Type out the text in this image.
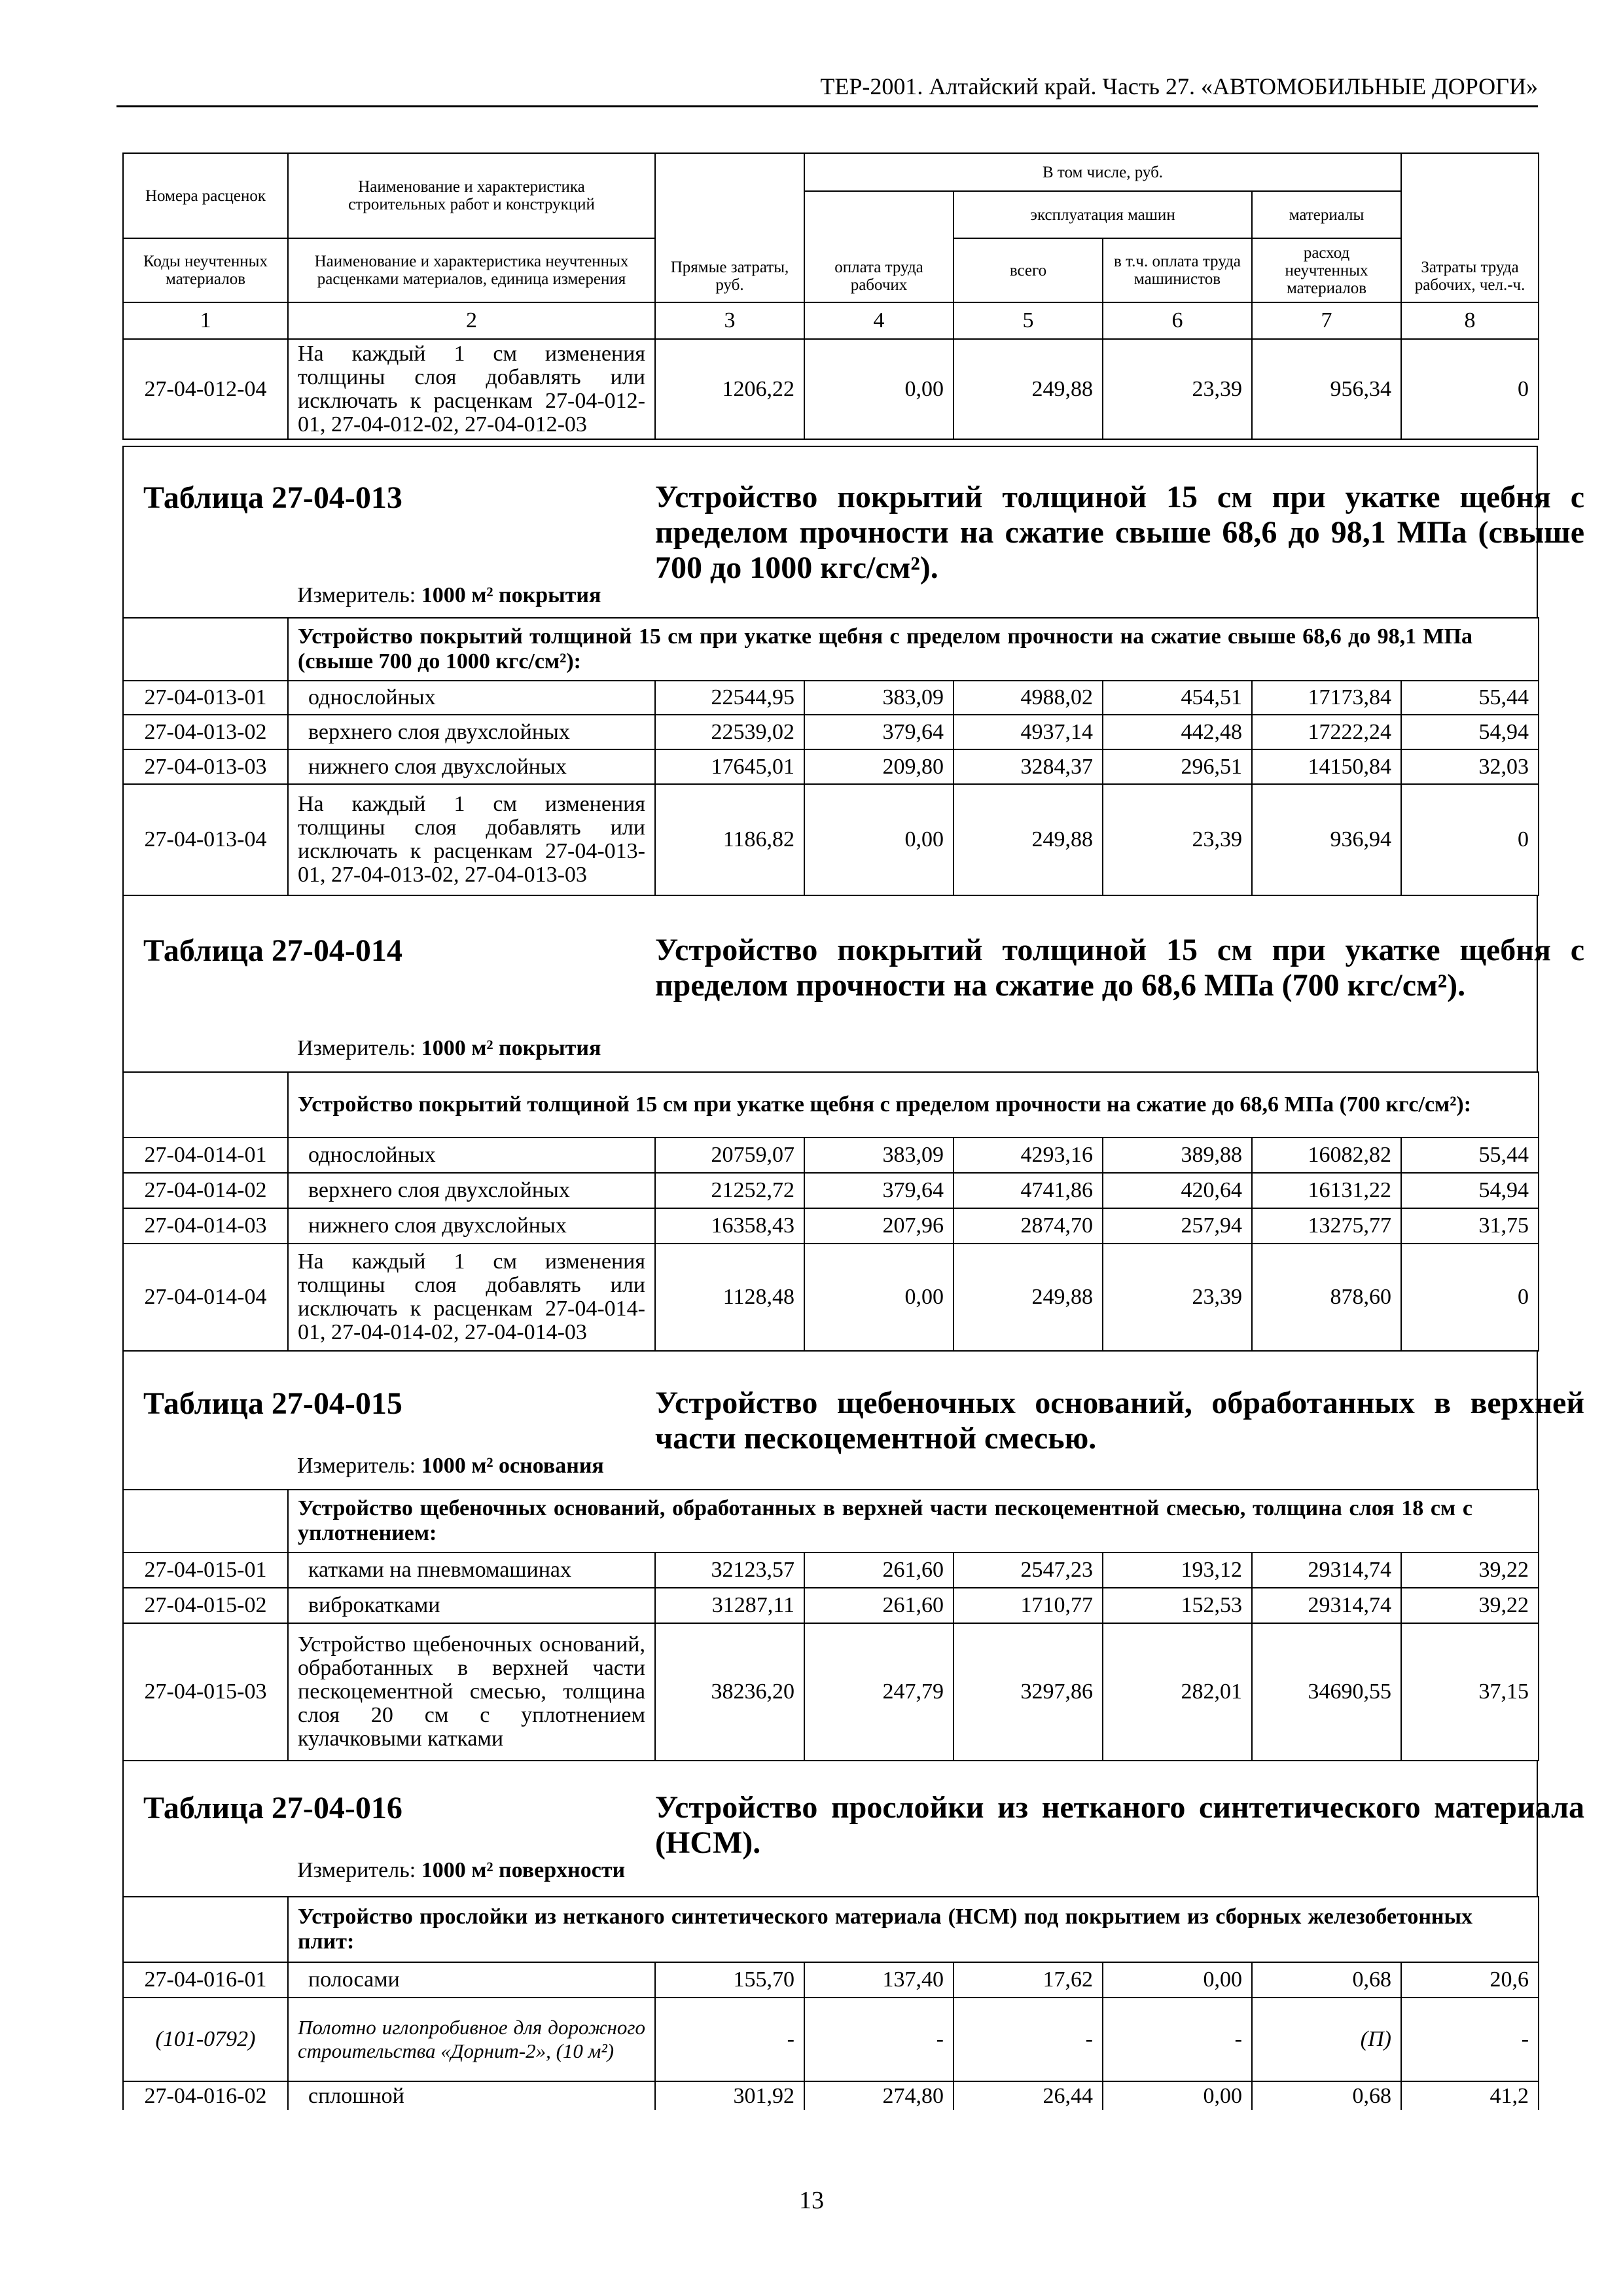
ТЕР-2001. Алтайский край. Часть 27. «АВТОМОБИЛЬНЫЕ ДОРОГИ»
Номера расценок	Наименование и характеристика строительных работ и конструкций	Прямые затраты, руб.	В том числе, руб.				Затраты труда рабочих, чел.-ч.
			оплата труда рабочих	эксплуатация машин		материалы	
Коды неучтенных материалов	Наименование и характеристика неучтенных расценками материалов, единица измерения			всего	в т.ч. оплата труда машинистов	расход неучтенных материалов	
1	2	3	4	5	6	7	8
27-04-012-04	На каждый 1 см изменения толщины слоя добавлять или исключать к расценкам 27-04-012-01, 27-04-012-02, 27-04-012-03	1206,22	0,00	249,88	23,39	956,34	0
Таблица 27-04-013	Устройство покрытий толщиной 15 см при укатке щебня с пределом прочности на сжатие свыше 68,6 до 98,1 МПа (свыше 700 до 1000 кгс/см²).
Измеритель: 1000 м² покрытия
	Устройство покрытий толщиной 15 см при укатке щебня с пределом прочности на сжатие свыше 68,6 до 98,1 МПа (свыше 700 до 1000 кгс/см²):						
27-04-013-01	однослойных	22544,95	383,09	4988,02	454,51	17173,84	55,44
27-04-013-02	верхнего слоя двухслойных	22539,02	379,64	4937,14	442,48	17222,24	54,94
27-04-013-03	нижнего слоя двухслойных	17645,01	209,80	3284,37	296,51	14150,84	32,03
27-04-013-04	На каждый 1 см изменения толщины слоя добавлять или исключать к расценкам 27-04-013-01, 27-04-013-02, 27-04-013-03	1186,82	0,00	249,88	23,39	936,94	0
Таблица 27-04-014	Устройство покрытий толщиной 15 см при укатке щебня с пределом прочности на сжатие до 68,6 МПа (700 кгс/см²).
Измеритель: 1000 м² покрытия
	Устройство покрытий толщиной 15 см при укатке щебня с пределом прочности на сжатие до 68,6 МПа (700 кгс/см²):						
27-04-014-01	однослойных	20759,07	383,09	4293,16	389,88	16082,82	55,44
27-04-014-02	верхнего слоя двухслойных	21252,72	379,64	4741,86	420,64	16131,22	54,94
27-04-014-03	нижнего слоя двухслойных	16358,43	207,96	2874,70	257,94	13275,77	31,75
27-04-014-04	На каждый 1 см изменения толщины слоя добавлять или исключать к расценкам 27-04-014-01, 27-04-014-02, 27-04-014-03	1128,48	0,00	249,88	23,39	878,60	0
Таблица 27-04-015	Устройство щебеночных оснований, обработанных в верхней части пескоцементной смесью.
Измеритель: 1000 м² основания
	Устройство щебеночных оснований, обработанных в верхней части пескоцементной смесью, толщина слоя 18 см с уплотнением:						
27-04-015-01	катками на пневмомашинах	32123,57	261,60	2547,23	193,12	29314,74	39,22
27-04-015-02	виброкатками	31287,11	261,60	1710,77	152,53	29314,74	39,22
27-04-015-03	Устройство щебеночных оснований, обработанных в верхней части пескоцементной смесью, толщина слоя 20 см с уплотнением кулачковыми катками	38236,20	247,79	3297,86	282,01	34690,55	37,15
Таблица 27-04-016	Устройство прослойки из нетканого синтетического материала (НСМ).
Измеритель: 1000 м² поверхности
	Устройство прослойки из нетканого синтетического материала (НСМ) под покрытием из сборных железобетонных плит:						
27-04-016-01	полосами	155,70	137,40	17,62	0,00	0,68	20,6
(101-0792)	Полотно иглопробивное для дорожного строительства «Дорнит-2», (10 м²)	-	-	-	-	(П)	-
27-04-016-02	сплошной	301,92	274,80	26,44	0,00	0,68	41,2
13
